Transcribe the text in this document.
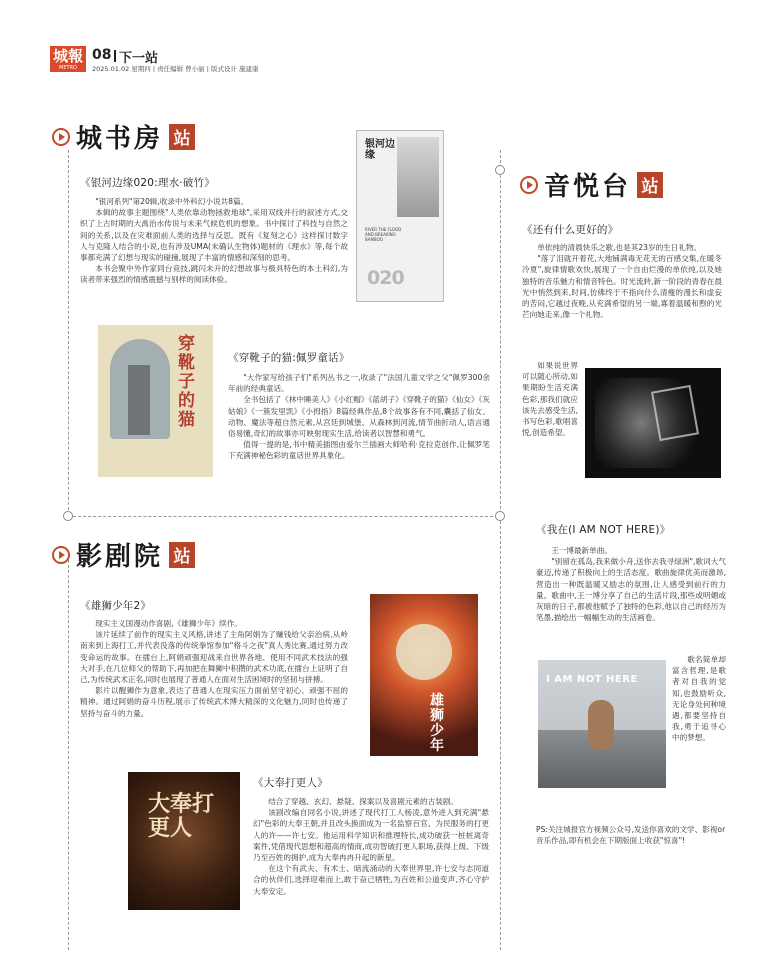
城報
METRO
08 下一站
2025.01.02 星期四 | 责任编辑 曾小丽 | 版式设计 施建康
城书房 站
《银河边缘020:理水·破竹》

"银河系列"第20辑,收录中外科幻小说共8篇。

本辑的故事主题围绕"人类依靠动物拯救地球",采用双线并行的叙述方式,交织了上古时期的大禹治水传说与未来气候危机的想象。书中探讨了科技与自然之间的关系,以及在灾难面前人类的选择与反思。既有《复刻之心》这样探讨数字人与克隆人结合的小说,也有涉及UMA(未确认生物体)题材的《理水》等,每个故事都充满了幻想与现实的碰撞,展现了丰富的情感和深刻的思考。

本书会聚中外作家同台竞技,跳闪未升的幻想故事与极具特色的本土科幻,为读者带来强烈的情感震撼与别样的阅读体验。

银河边缘
RIVER THE FLOOD AND BREAKING BAMBOO
020
穿靴子的猫
《穿靴子的猫:佩罗童话》

"大作家写给孩子们"系列丛书之一,收录了"法国儿童文学之父"佩罗300余年前的经典童话。

全书包括了《林中睡美人》《小红帽》《蓝胡子》《穿靴子的猫》《仙女》《灰姑娘》《一簇发里凯》《小拇指》8篇经典作品,8个故事各有不同,囊括了仙女、动物、魔法等超自然元素,从宫廷到城堡、从森林到河流,情节曲折动人,语言通俗易懂,奇幻的故事亦可映射现实生活,给读者以智慧和勇气。

值得一提的是,书中精美插图由爱尔兰插画大师哈利·克拉克创作,让佩罗笔下充满神秘色彩的童话世界具象化。

音悦台 站
《还有什么更好的》

单依纯的清晨快乐之歌,也是其23岁的生日礼物。

"落了泪就开着花,大地铺满毒无花无的百感交集,在暖冬冷夏",旋律情歌欢快,展现了一个自由烂漫的单依纯,以及她独特的音乐魅力和情音特色。时光流转,新一阶段的青春在晨光中悄然到来,时间,仿佛终于不指向什么清瘦的漫长和虚妄的苦闷,它越过夜晚,从充满希望的另一端,寡着温暖和煦的光芒向她走来,像一个礼物。

如果说世界可以随心所动,如果期盼生活充满色彩,那我们就应该先去感受生活,书写色彩,歌唱喜悦,创造希望。

《我在(I AM NOT HERE)》

王一博最新单曲。

"别留在孤岛,我来做小舟,送你去我寻绿洲",歌词大气豪迈,传递了积极向上的生活态度。歌曲旋律优美而激昂,营造出一种既温暖又励志的氛围,让人感受到前行的力量。歌曲中,王一博分享了自己的生活片段,那些或明媚或灰暗的日子,都被他赋予了独特的色彩,他以自己的经历为笔墨,描绘出一幅幅生动的生活画卷。

歌名简单却富含哲理,是歌者对自我的觉知,也鼓励听众,无论身处何种境遇,都要坚持自我,勇于追寻心中的梦想。

I AM NOT HERE
PS:关注城报官方视频公众号,发送你喜欢的文学、影视or音乐作品,即有机会在下期版面上收获"惊喜"!
影剧院 站
《雄狮少年2》

现实主义国漫动作喜剧,《雄狮少年》续作。

该片延续了前作的现实主义风格,讲述了主角阿娟为了赚钱给父亲治病,从岭南来到上海打工,并代表没落的传统拳馆参加"格斗之夜"真人秀比赛,通过努力改变命运的故事。在擂台上,阿娟顽强迎战来自世界各地、使用不同武术技法的强大对手,在几位师父的帮助下,再加把在舞狮中积攒的武术功底,在擂台上证明了自己,为传统武术正名,同时也展现了普通人在面对生活困境时的坚韧与拼搏。

影片以醒狮作为意象,表达了普通人在现实压力面前坚守初心、顽强不屈的精神。通过阿娟的奋斗历程,展示了传统武术博大精深的文化魅力,同时也传递了坚持与奋斗的力量。

雄狮少年
大奉打更人
《大奉打更人》

结合了穿越、玄幻、悬疑、探案以及喜剧元素的古装剧。

该剧改编自同名小说,讲述了现代打工人杨凌,意外进入到充满"悬幻"色彩的大奉王朝,并且改头换面成为一名监察百官、为民服务的打更人的许——许七安。他运用科学知识和推理特长,成功破获一桩桩离奇案件,凭借现代思想和超高的情商,成功智破打更人职场,获得上级、下级乃至百姓的拥护,成为大奉冉冉升起的新星。

在这个有武夫、有术士、暗流涌动的大奉世界里,许七安与志同道合的伙伴们,选择迎难而上,敢于奋己牺牲,为百姓和公道变声,齐心守护大奉安定。
